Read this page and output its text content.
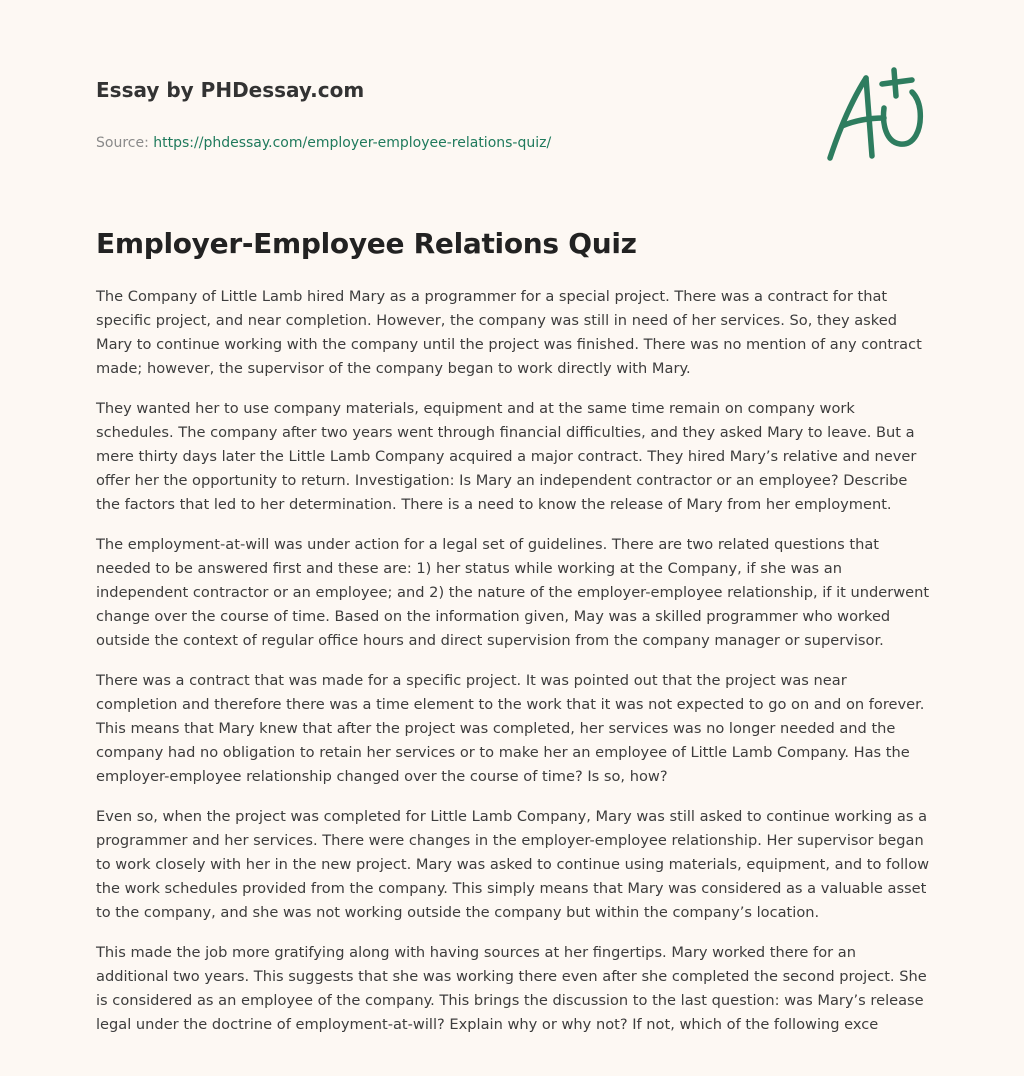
Essay by PHDessay.com
Source: https://phdessay.com/employer-employee-relations-quiz/
Employer-Employee Relations Quiz

The Company of Little Lamb hired Mary as a programmer for a special project. There was a contract for that specific project, and near completion. However, the company was still in need of her services. So, they asked Mary to continue working with the company until the project was finished. There was no mention of any contract made; however, the supervisor of the company began to work directly with Mary.

They wanted her to use company materials, equipment and at the same time remain on company work schedules. The company after two years went through financial difficulties, and they asked Mary to leave. But a mere thirty days later the Little Lamb Company acquired a major contract. They hired Mary’s relative and never offer her the opportunity to return. Investigation: Is Mary an independent contractor or an employee? Describe the factors that led to her determination. There is a need to know the release of Mary from her employment.

The employment-at-will was under action for a legal set of guidelines. There are two related questions that needed to be answered first and these are: 1) her status while working at the Company, if she was an independent contractor or an employee; and 2) the nature of the employer-employee relationship, if it underwent change over the course of time. Based on the information given, May was a skilled programmer who worked outside the context of regular office hours and direct supervision from the company manager or supervisor.

There was a contract that was made for a specific project. It was pointed out that the project was near completion and therefore there was a time element to the work that it was not expected to go on and on forever. This means that Mary knew that after the project was completed, her services was no longer needed and the company had no obligation to retain her services or to make her an employee of Little Lamb Company. Has the employer-employee relationship changed over the course of time? Is so, how?

Even so, when the project was completed for Little Lamb Company, Mary was still asked to continue working as a programmer and her services. There were changes in the employer-employee relationship. Her supervisor began to work closely with her in the new project. Mary was asked to continue using materials, equipment, and to follow the work schedules provided from the company. This simply means that Mary was considered as a valuable asset to the company, and she was not working outside the company but within the company’s location.

This made the job more gratifying along with having sources at her fingertips. Mary worked there for an additional two years. This suggests that she was working there even after she completed the second project. She is considered as an employee of the company. This brings the discussion to the last question: was Mary’s release legal under the doctrine of employment-at-will? Explain why or why not? If not, which of the following exce
